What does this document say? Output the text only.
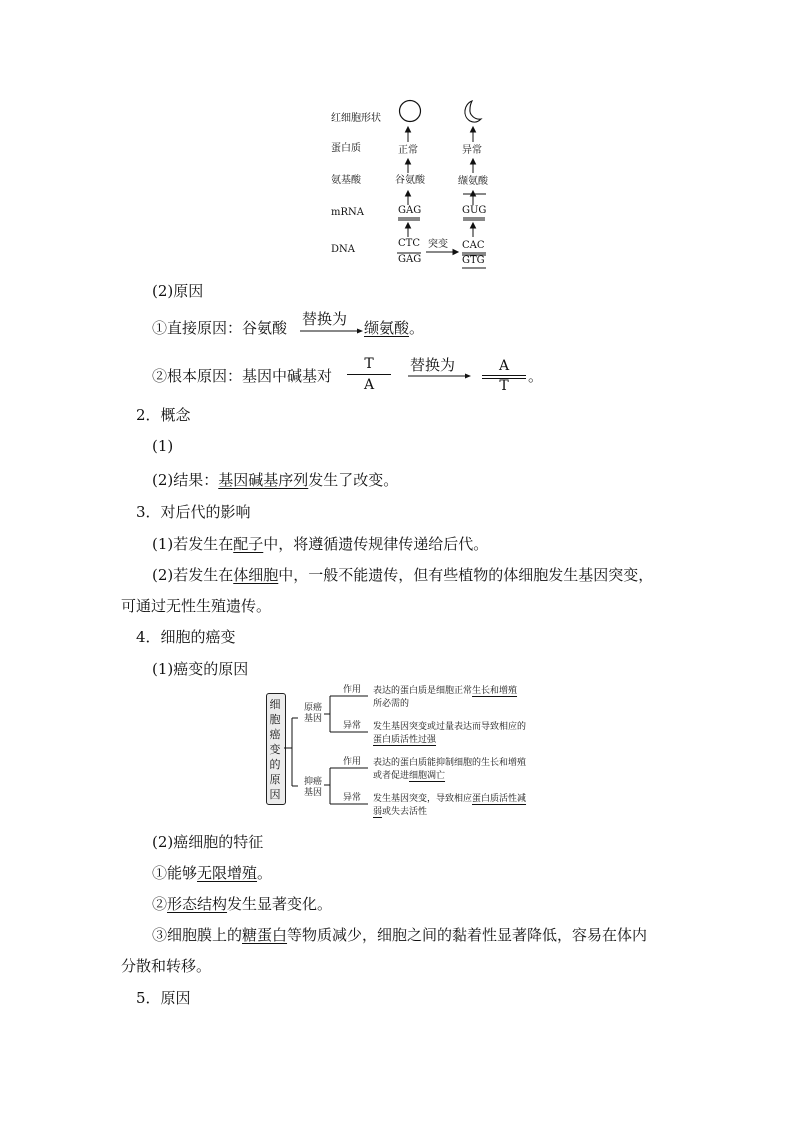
红细胞形状
蛋白质
氨基酸
mRNA
DNA
正常
谷氨酸
GAG
CTC
GAG
突变
异常
缬氨酸
GUG
CAC
GTG
(2)原因
①直接原因：谷氨酸 替换为 缬氨酸。
②根本原因：基因中碱基对
T
A
替换为	A
T
。
2．概念
(1)
(2)结果：基因碱基序列发生了改变。
3．对后代的影响
(1)若发生在配子中，将遵循遗传规律传递给后代。
(2)若发生在体细胞中，一般不能遗传，但有些植物的体细胞发生基因突变，
可通过无性生殖遗传。
4．细胞的癌变
(1)癌变的原因
细胞癌变的原因
原癌基因
抑癌基因
作用
异常
作用
异常
表达的蛋白质是细胞正常生长和增殖
所必需的
发生基因突变或过量表达而导致相应的
蛋白质活性过强
表达的蛋白质能抑制细胞的生长和增殖
或者促进细胞凋亡
发生基因突变，导致相应蛋白质活性减
弱或失去活性
(2)癌细胞的特征
①能够无限增殖。
②形态结构发生显著变化。
③细胞膜上的糖蛋白等物质减少，细胞之间的黏着性显著降低，容易在体内
分散和转移。
5．原因
